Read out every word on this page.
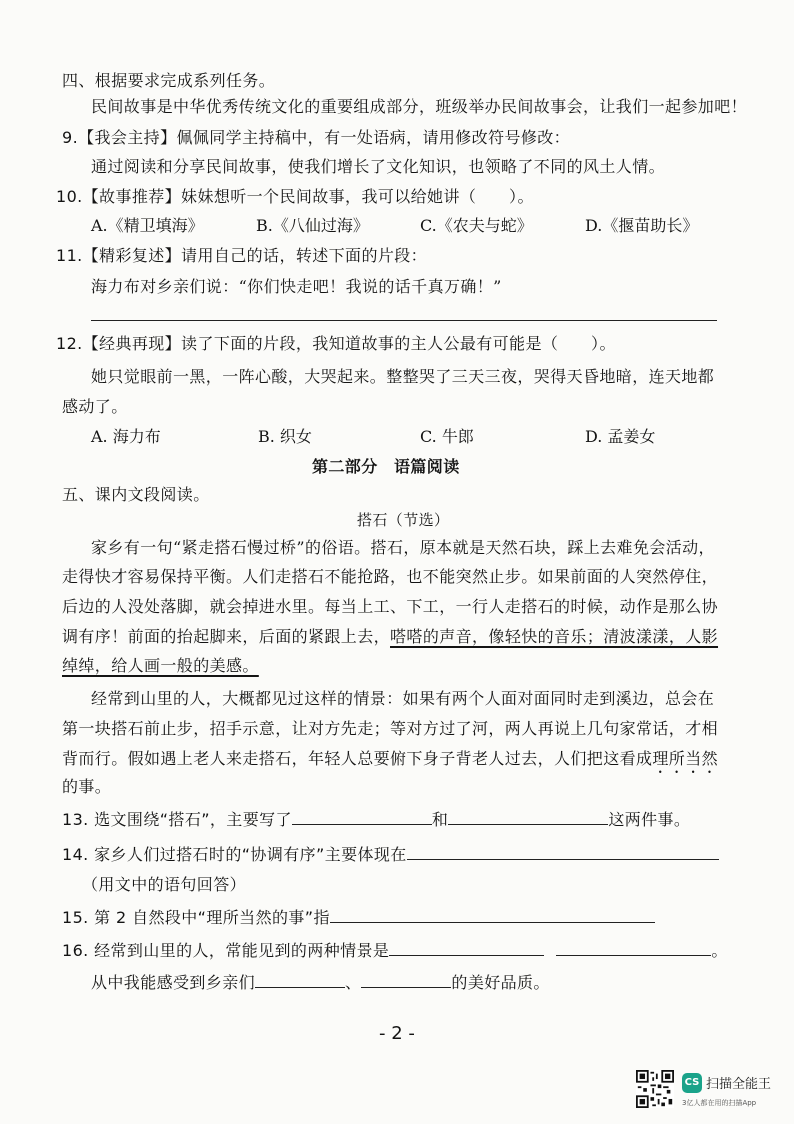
四、根据要求完成系列任务。
民间故事是中华优秀传统文化的重要组成部分，班级举办民间故事会，让我们一起参加吧！
9.【我会主持】佩佩同学主持稿中，有一处语病，请用修改符号修改：
通过阅读和分享民间故事，使我们增长了文化知识，也领略了不同的风土人情。
10.【故事推荐】妹妹想听一个民间故事，我可以给她讲（　　）。
A.《精卫填海》	B.《八仙过海》	C.《农夫与蛇》	D.《揠苗助长》
11.【精彩复述】请用自己的话，转述下面的片段：
海力布对乡亲们说：“你们快走吧！我说的话千真万确！”
12.【经典再现】读了下面的片段，我知道故事的主人公最有可能是（　　）。
她只觉眼前一黑，一阵心酸，大哭起来。整整哭了三天三夜，哭得天昏地暗，连天地都
感动了。
A. 海力布	B. 织女	C. 牛郎	D. 孟姜女
第二部分　语篇阅读
五、课内文段阅读。
搭石（节选）
家乡有一句“紧走搭石慢过桥”的俗语。搭石，原本就是天然石块，踩上去难免会活动，
走得快才容易保持平衡。人们走搭石不能抢路，也不能突然止步。如果前面的人突然停住，
后边的人没处落脚，就会掉进水里。每当上工、下工，一行人走搭石的时候，动作是那么协
调有序！前面的抬起脚来，后面的紧跟上去，嗒嗒的声音，像轻快的音乐；清波漾漾，人影
绰绰，给人画一般的美感。
经常到山里的人，大概都见过这样的情景：如果有两个人面对面同时走到溪边，总会在
第一块搭石前止步，招手示意，让对方先走；等对方过了河，两人再说上几句家常话，才相
背而行。假如遇上老人来走搭石，年轻人总要俯下身子背老人过去，人们把这看成理所当然
的事。
13. 选文围绕“搭石”，主要写了	和	这两件事。
14. 家乡人们过搭石时的“协调有序”主要体现在
（用文中的语句回答）
15. 第 2 自然段中“理所当然的事”指
16. 经常到山里的人，常能见到的两种情景是	。
从中我能感受到乡亲们	、	的美好品质。
- 2 -
CS 扫描全能王
3亿人都在用的扫描App
